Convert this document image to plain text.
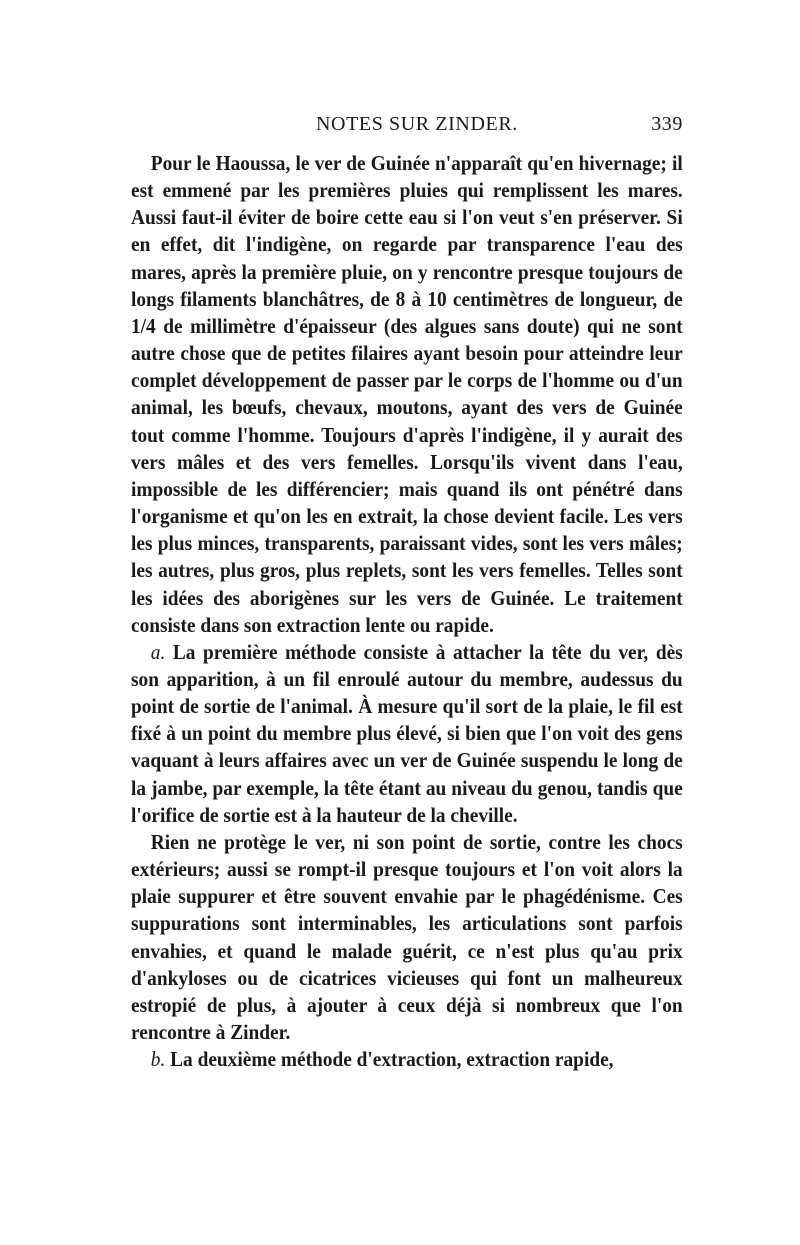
NOTES SUR ZINDER.	339

Pour le Haoussa, le ver de Guinée n'apparaît qu'en hivernage; il est emmené par les premières pluies qui remplissent les mares. Aussi faut-il éviter de boire cette eau si l'on veut s'en préserver. Si en effet, dit l'indigène, on regarde par transparence l'eau des mares, après la première pluie, on y rencontre presque toujours de longs filaments blanchâtres, de 8 à 10 centimètres de longueur, de 1/4 de millimètre d'épaisseur (des algues sans doute) qui ne sont autre chose que de petites filaires ayant besoin pour atteindre leur complet développement de passer par le corps de l'homme ou d'un animal, les bœufs, chevaux, moutons, ayant des vers de Guinée tout comme l'homme. Toujours d'après l'indigène, il y aurait des vers mâles et des vers femelles. Lorsqu'ils vivent dans l'eau, impossible de les différencier; mais quand ils ont pénétré dans l'organisme et qu'on les en extrait, la chose devient facile. Les vers les plus minces, transparents, paraissant vides, sont les vers mâles; les autres, plus gros, plus replets, sont les vers femelles. Telles sont les idées des aborigènes sur les vers de Guinée. Le traitement consiste dans son extraction lente ou rapide.

a. La première méthode consiste à attacher la tête du ver, dès son apparition, à un fil enroulé autour du membre, audessus du point de sortie de l'animal. À mesure qu'il sort de la plaie, le fil est fixé à un point du membre plus élevé, si bien que l'on voit des gens vaquant à leurs affaires avec un ver de Guinée suspendu le long de la jambe, par exemple, la tête étant au niveau du genou, tandis que l'orifice de sortie est à la hauteur de la cheville.

Rien ne protège le ver, ni son point de sortie, contre les chocs extérieurs; aussi se rompt-il presque toujours et l'on voit alors la plaie suppurer et être souvent envahie par le phagédénisme. Ces suppurations sont interminables, les articulations sont parfois envahies, et quand le malade guérit, ce n'est plus qu'au prix d'ankyloses ou de cicatrices vicieuses qui font un malheureux estropié de plus, à ajouter à ceux déjà si nombreux que l'on rencontre à Zinder.

b. La deuxième méthode d'extraction, extraction rapide,
